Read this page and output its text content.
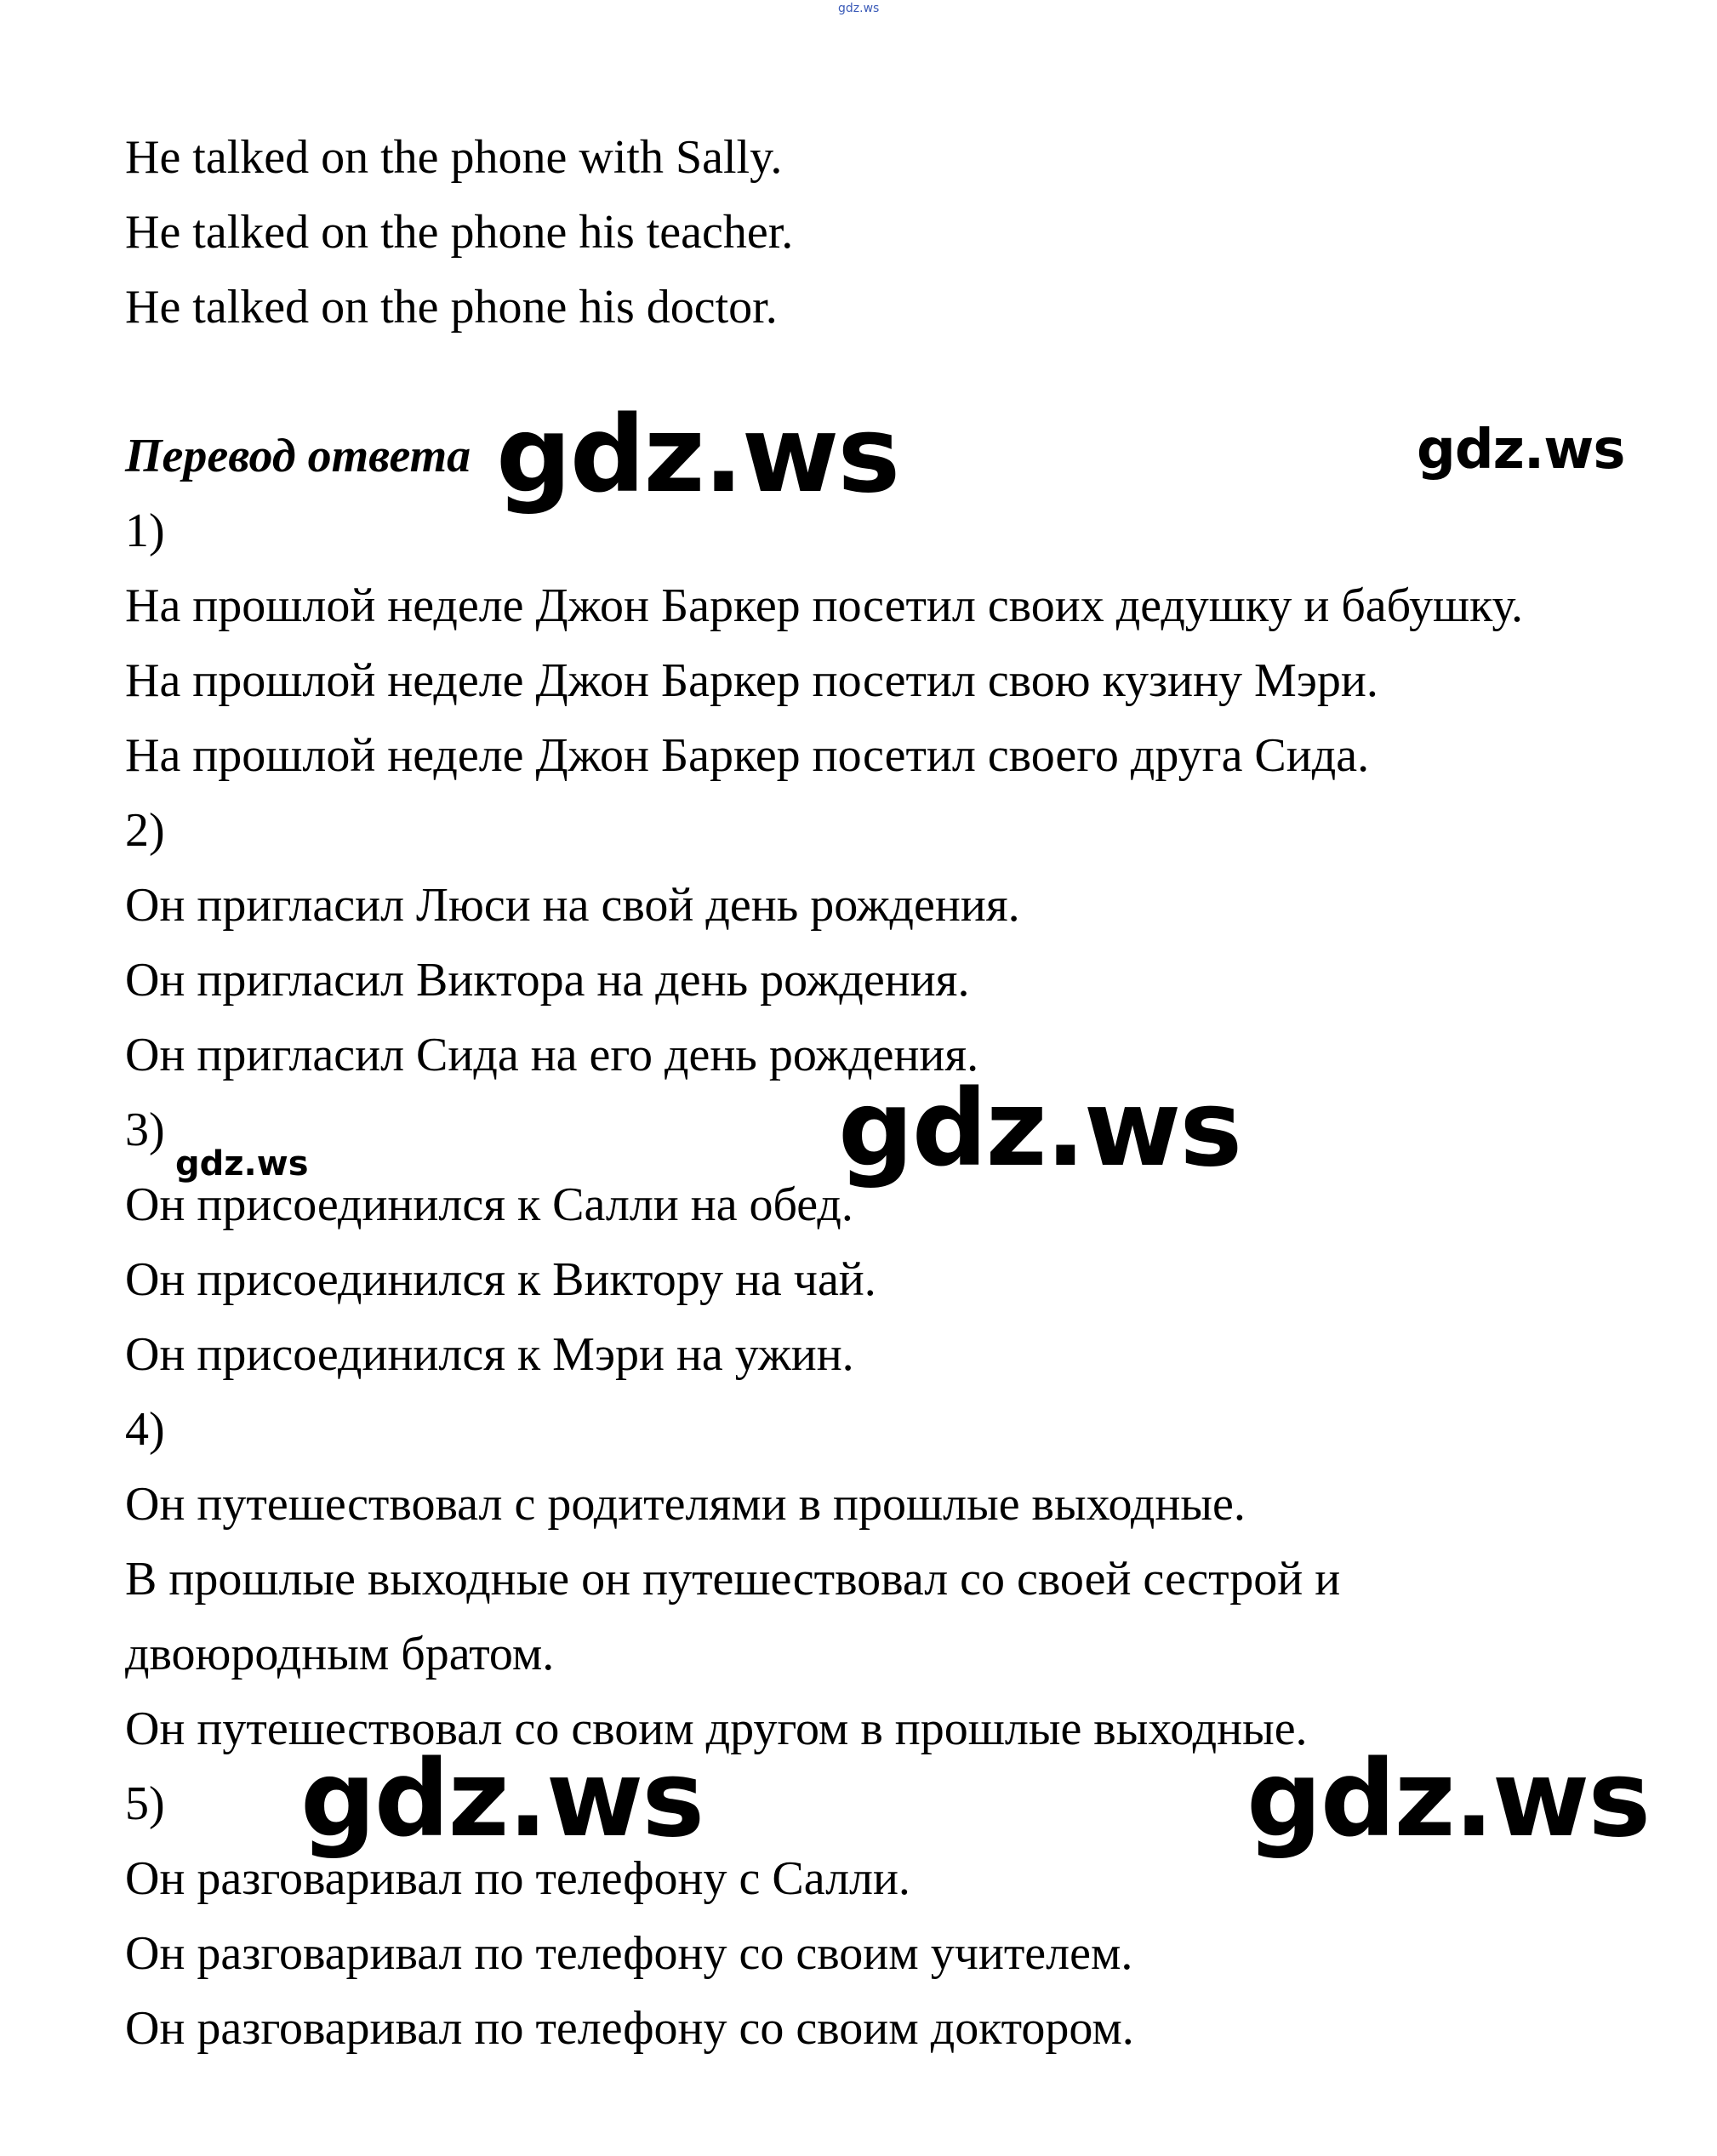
gdz.ws
He talked on the phone with Sally.
He talked on the phone his teacher.
He talked on the phone his doctor.
Перевод ответа
1)
На прошлой неделе Джон Баркер посетил своих дедушку и бабушку.
На прошлой неделе Джон Баркер посетил свою кузину Мэри.
На прошлой неделе Джон Баркер посетил своего друга Сида.
2)
Он пригласил Люси на свой день рождения.
Он пригласил Виктора на день рождения.
Он пригласил Сида на его день рождения.
3)
Он присоединился к Салли на обед.
Он присоединился к Виктору на чай.
Он присоединился к Мэри на ужин.
4)
Он путешествовал с родителями в прошлые выходные.
В прошлые выходные он путешествовал со своей сестрой и
двоюродным братом.
Он путешествовал со своим другом в прошлые выходные.
5)
Он разговаривал по телефону с Салли.
Он разговаривал по телефону со своим учителем.
Он разговаривал по телефону со своим доктором.
gdz.ws	gdz.ws
gdz.ws
gdz.ws
gdz.ws	gdz.ws
